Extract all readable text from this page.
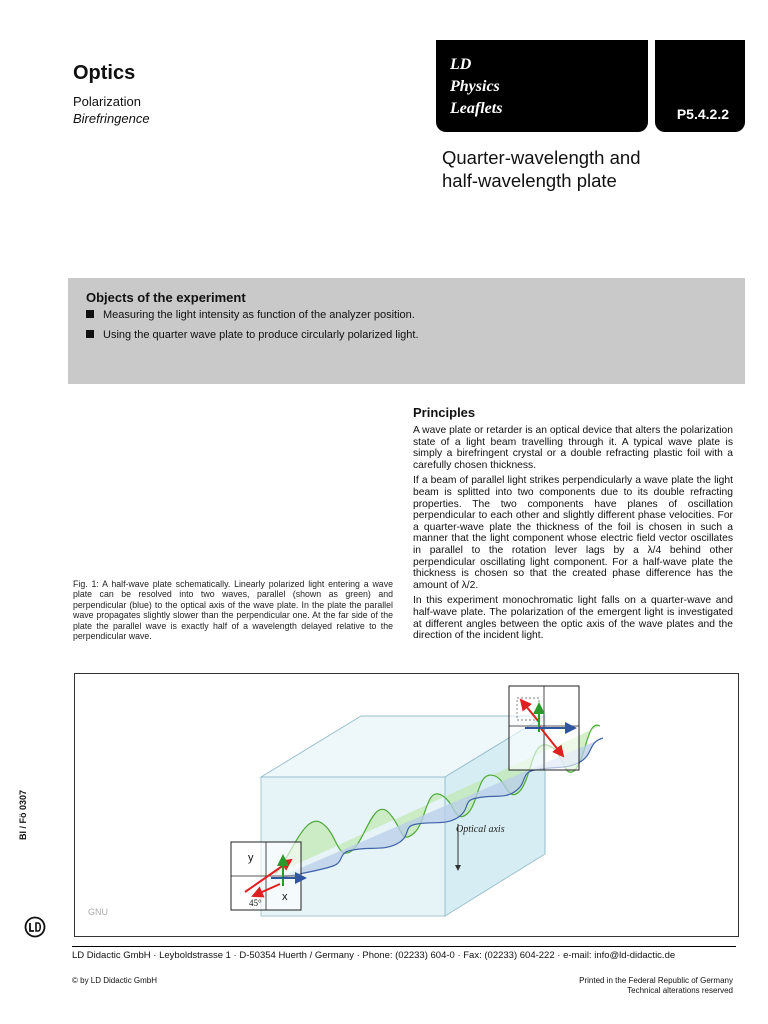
Optics
Polarization
Birefringence
LD
Physics
Leaflets	P5.4.2.2
Quarter-wavelength and
half-wavelength plate
Objects of the experiment
Measuring the light intensity as function of the analyzer position.
Using the quarter wave plate to produce circularly polarized light.
Principles

A wave plate or retarder is an optical device that alters the polarization state of a light beam travelling through it. A typical wave plate is simply a birefringent crystal or a double refracting plastic foil with a carefully chosen thickness.

If a beam of parallel light strikes perpendicularly a wave plate the light beam is splitted into two components due to its double refracting properties. The two components have planes of oscillation perpendicular to each other and slightly different phase velocities. For a quarter-wave plate the thickness of the foil is chosen in such a manner that the light component whose electric field vector oscillates in parallel to the rotation lever lags by a λ/4 behind other perpendicular oscillating light component. For a half-wave plate the thickness is chosen so that the created phase difference has the amount of λ/2.

In this experiment monochromatic light falls on a quarter-wave and half-wave plate. The polarization of the emergent light is investigated at different angles between the optic axis of the wave plates and the direction of the incident light.

Fig. 1: A half-wave plate schematically. Linearly polarized light entering a wave plate can be resolved into two waves, parallel (shown as green) and perpendicular (blue) to the optical axis of the wave plate. In the plate the parallel wave propagates slightly slower than the perpendicular one. At the far side of the plate the parallel wave is exactly half of a wavelength delayed relative to the perpendicular wave.
Optical axis
y
x
45°
GNU
BI / Fö 0307
LD Didactic GmbH · Leyboldstrasse 1 · D-50354 Huerth / Germany · Phone: (02233) 604-0 · Fax: (02233) 604-222 · e-mail: info@ld-didactic.de
© by LD Didactic GmbH	Printed in the Federal Republic of Germany
Technical alterations reserved
